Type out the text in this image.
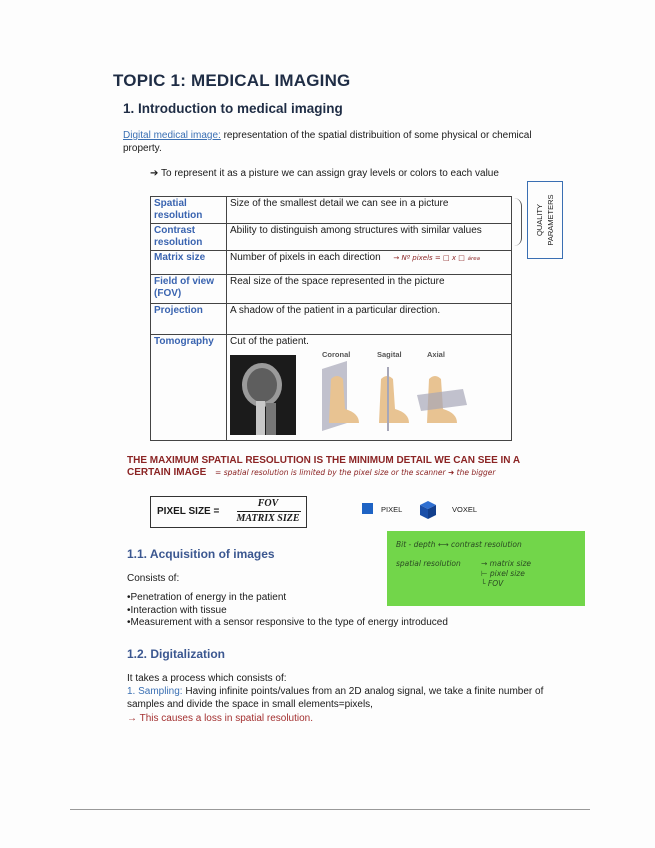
TOPIC 1: MEDICAL IMAGING
1. Introduction to medical imaging
Digital medical image: representation of the spatial distribuition of some physical or chemical property.
➔ To represent it as a pisture we can assign gray levels or colors to each value
Spatial resolution	Size of the smallest detail we can see in a picture
Contrast resolution	Ability to distinguish among structures with similar values
Matrix size	Number of pixels in each direction → Nº pixels = □ x □ área
Field of view (FOV)	Real size of the space represented in the picture
Projection	A shadow of the patient in a particular direction.
Tomography	Cut of the patient.
Coronal Sagital Axial
QUALITY PARAMETERS
THE MAXIMUM SPATIAL RESOLUTION IS THE MINIMUM DETAIL WE CAN SEE IN A
CERTAIN IMAGE = spatial resolution is limited by the pixel size or the scanner ➜ the bigger
PIXEL SIZE =
FOV
MATRIX SIZE
PIXEL	VOXEL
Bit - depth ⟷ contrast resolution
spatial resolution	→ matrix size
⊢ pixel size
└ FOV
1.1. Acquisition of images
Consists of:
• Penetration of energy in the patient
• Interaction with tissue
• Measurement with a sensor responsive to the type of energy introduced
1.2. Digitalization
It takes a process which consists of:
1. Sampling: Having infinite points/values from an 2D analog signal, we take a finite number of samples and divide the space in small elements=pixels,
→ This causes a loss in spatial resolution.
